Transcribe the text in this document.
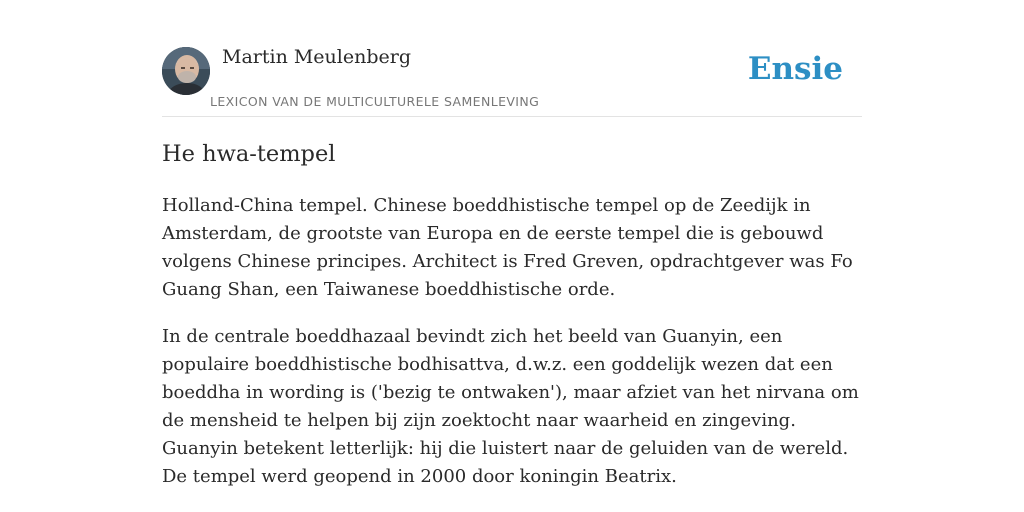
Martin Meulenberg
LEXICON VAN DE MULTICULTURELE SAMENLEVING
Ensie
He hwa-tempel

Holland-China tempel. Chinese boeddhistische tempel op de Zeedijk in Amsterdam, de grootste van Europa en de eerste tempel die is gebouwd volgens Chinese principes. Architect is Fred Greven, opdrachtgever was Fo Guang Shan, een Taiwanese boeddhistische orde.

In de centrale boeddhazaal bevindt zich het beeld van Guanyin, een populaire boeddhistische bodhisattva, d.w.z. een goddelijk wezen dat een boeddha in wording is ('bezig te ontwaken'), maar afziet van het nirvana om de mensheid te helpen bij zijn zoektocht naar waarheid en zingeving. Guanyin betekent letterlijk: hij die luistert naar de geluiden van de wereld. De tempel werd geopend in 2000 door koningin Beatrix.
